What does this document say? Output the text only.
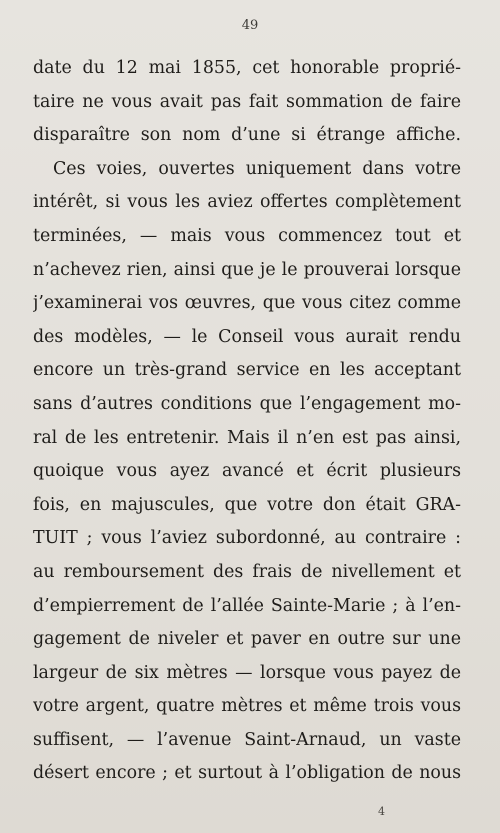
49
date du 12 mai 1855, cet honorable proprié-
taire ne vous avait pas fait sommation de faire
disparaître son nom d’une si étrange affiche.
Ces voies, ouvertes uniquement dans votre
intérêt, si vous les aviez offertes complètement
terminées, — mais vous commencez tout et
n’achevez rien, ainsi que je le prouverai lorsque
j’examinerai vos œuvres, que vous citez comme
des modèles, — le Conseil vous aurait rendu
encore un très-grand service en les acceptant
sans d’autres conditions que l’engagement mo-
ral de les entretenir. Mais il n’en est pas ainsi,
quoique vous ayez avancé et écrit plusieurs
fois, en majuscules, que votre don était GRA-
TUIT ; vous l’aviez subordonné, au contraire :
au remboursement des frais de nivellement et
d’empierrement de l’allée Sainte-Marie ; à l’en-
gagement de niveler et paver en outre sur une
largeur de six mètres — lorsque vous payez de
votre argent, quatre mètres et même trois vous
suffisent, — l’avenue Saint-Arnaud, un vaste
désert encore ; et surtout à l’obligation de nous
4
